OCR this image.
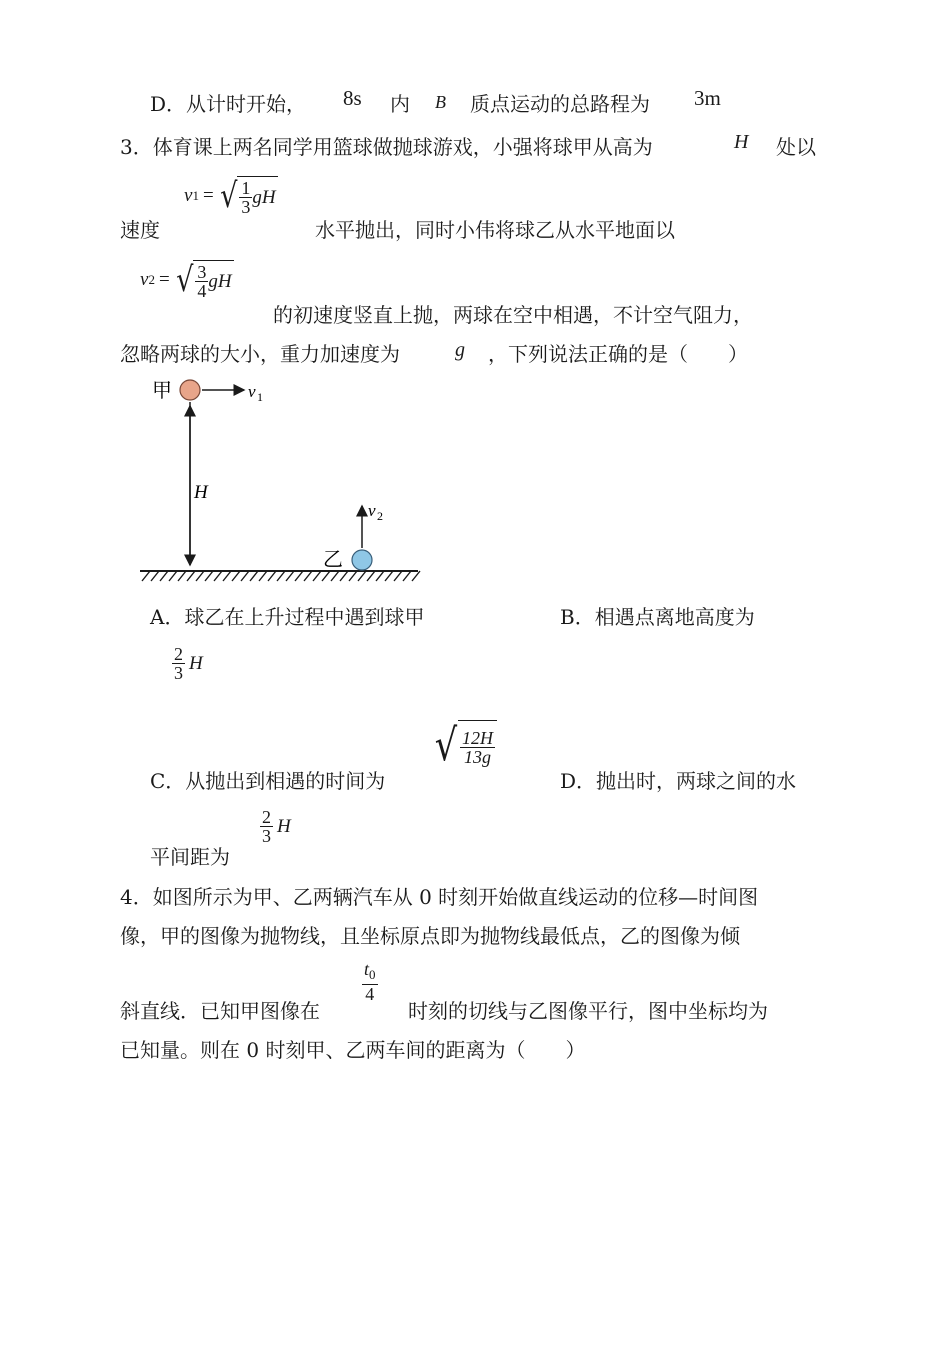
D．从计时开始， 8s 内 B 质点运动的总路程为 3m
3．体育课上两名同学用篮球做抛球游戏，小强将球甲从高为	H 处以
速度
v 1 = √ $\frac{1}{3}$ gH
水平抛出，同时小伟将球乙从水平地面以
v 2 = √ $\frac{3}{4}$ gH
的初速度竖直上抛，两球在空中相遇，不计空气阻力，
忽略两球的大小，重力加速度为	g ，下列说法正确的是（　　）
H
甲	v 1
乙
v 2
A．球乙在上升过程中遇到球甲	B．相遇点离地高度为
$\frac{2}{3}$ H
C．从抛出到相遇的时间为
√ $\frac{12H}{13g}$
D．抛出时，两球之间的水
平间距为
$\frac{2}{3}$ H
4．如图所示为甲、乙两辆汽车从 0 时刻开始做直线运动的位移—时间图
像，甲的图像为抛物线，且坐标原点即为抛物线最低点，乙的图像为倾
斜直线．已知甲图像在
$\frac{t_0}{4}$
时刻的切线与乙图像平行，图中坐标均为
已知量。则在 0 时刻甲、乙两车间的距离为（　　）
